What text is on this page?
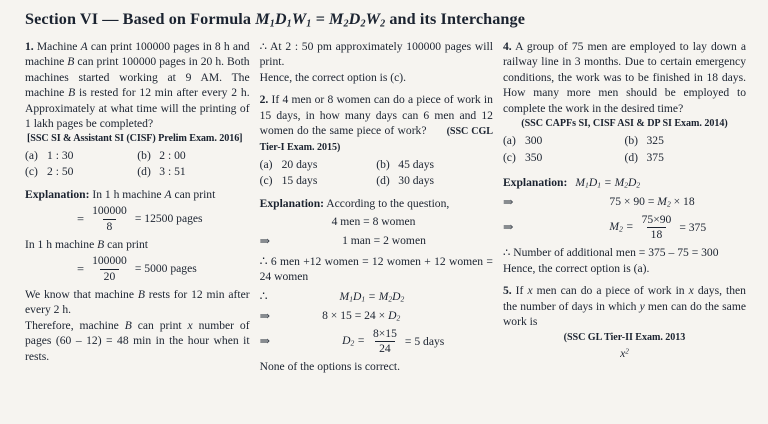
Section VI — Based on Formula $M_1D_1W_1 = M_2D_2W_2$ and its Interchange

1. Machine A can print 100000 pages in 8 h and machine B can print 100000 pages in 20 h. Both machines started working at 9 AM. The machine B is rested for 12 min after every 2 h. Approximately at what time will the printing of 1 lakh pages be completed?

[SSC SI & Assistant SI (CISF) Prelim Exam. 2016]

(a) 1 : 30	(b) 2 : 00
(c) 2 : 50	(d) 3 : 51

Explanation: In 1 h machine A can print

= $\frac{100000}{8} = 12500$ pages

In 1 h machine B can print

= $\frac{100000}{20} = 5000$ pages

We know that machine B rests for 12 min after every 2 h.

Therefore, machine B can print x number of pages (60 – 12) = 48 min in the hour when it rests.

∴ At 2 : 50 pm approximately 100000 pages will print.

Hence, the correct option is (c).

2. If 4 men or 8 women can do a piece of work in 15 days, in how many days can 6 men and 12 women do the same piece of work? (SSC CGL Tier-I Exam. 2015)

(a) 20 days	(b) 45 days
(c) 15 days	(d) 30 days

Explanation: According to the question,

4 men = 8 women
⇒	1 man = 2 women

∴ 6 men +12 women = 12 women + 12 women = 24 women

∴	$M_1D_1 = M_2D_2$
⇒	$8 \times 15 = 24 \times D_2$
⇒	$D_2 = \frac{8\times 15}{24} = 5$ days

None of the options is correct.

4. A group of 75 men are employed to lay down a railway line in 3 months. Due to certain emergency conditions, the work was to be finished in 18 days. How many more men should be employed to complete the work in the desired time?

(SSC CAPFs SI, CISF ASI & DP SI Exam. 2014)

(a) 300	(b) 325
(c) 350	(d) 375
Explanation: $M_1D_1 = M_2D_2$
⇒	$75 \times 90 = M_2 \times 18$
⇒	$M_2 = \frac{75\times 90}{18} = 375$

∴ Number of additional men = 375 – 75 = 300

Hence, the correct option is (a).

5. If x men can do a piece of work in x days, then the number of days in which y men can do the same work is

(SSC GL Tier-II Exam. 2013

$x^2$
